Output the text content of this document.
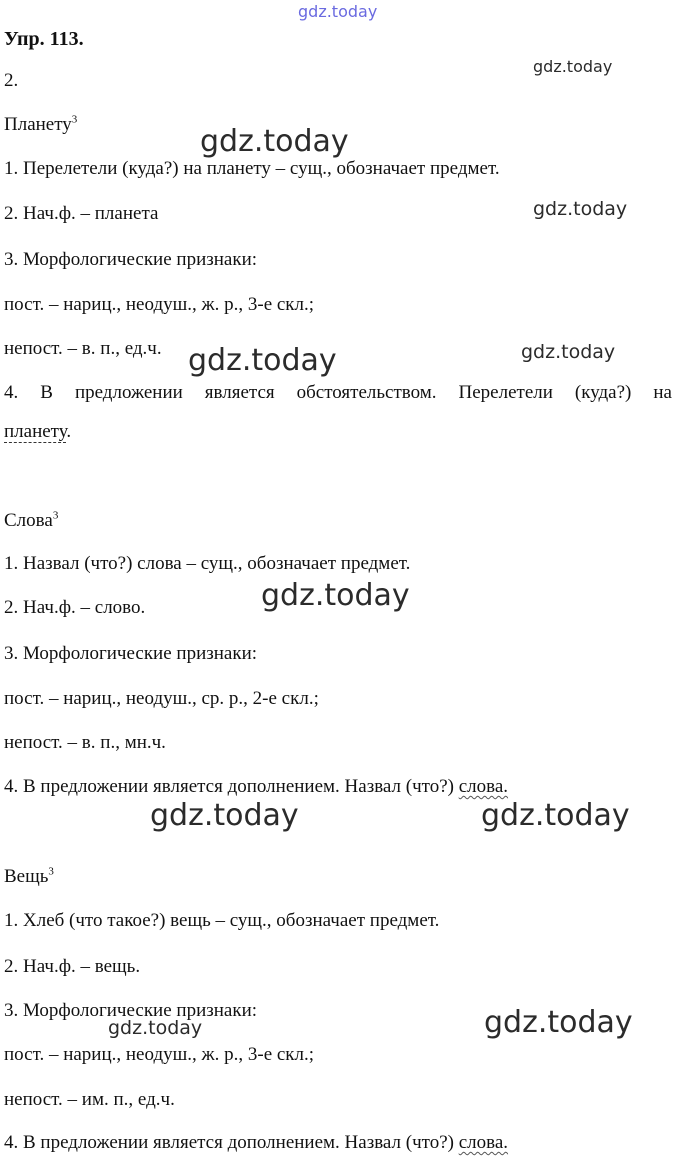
Упр. 113.
2.
Планету$^3$
1. Перелетели (куда?) на планету – сущ., обозначает предмет.
2. Нач.ф. – планета
3. Морфологические признаки:
пост. – нариц., неодуш., ж. р., 3-е скл.;
непост. – в. п., ед.ч.
4. В предложении является обстоятельством. Перелетели (куда?) на
планету.
Слова$^3$
1. Назвал (что?) слова – сущ., обозначает предмет.
2. Нач.ф. – слово.
3. Морфологические признаки:
пост. – нариц., неодуш., ср. р., 2-е скл.;
непост. – в. п., мн.ч.
4. В предложении является дополнением. Назвал (что?) слова.
Вещь$^3$
1. Хлеб (что такое?) вещь – сущ., обозначает предмет.
2. Нач.ф. – вещь.
3. Морфологические признаки:
пост. – нариц., неодуш., ж. р., 3-е скл.;
непост. – им. п., ед.ч.
4. В предложении является дополнением. Назвал (что?) слова.
gdz.today
gdz.today
gdz.today
gdz.today
gdz.today	gdz.today
gdz.today
gdz.today	gdz.today
gdz.today
gdz.today
